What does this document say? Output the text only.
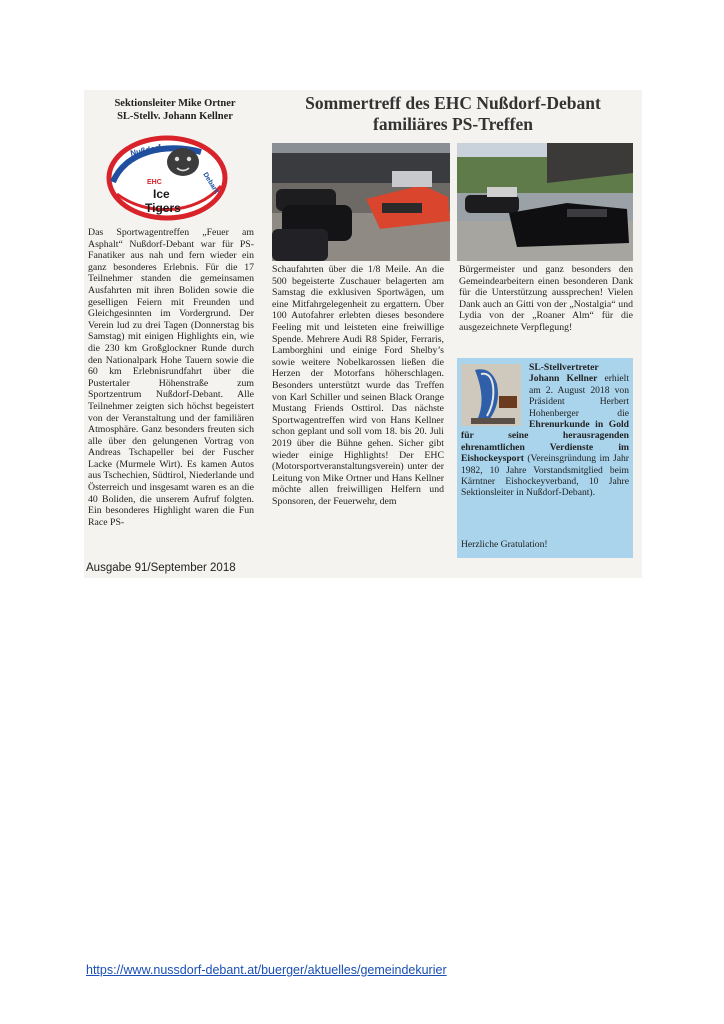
Sektionsleiter Mike Ortner
SL-Stellv. Johann Kellner
Nußdorf
Debant
EHC
Ice
Tigers
Sommertreff des EHC Nußdorf-Debant
familiäres PS-Treffen
Das Sportwagentreffen „Feuer am Asphalt“ Nußdorf-Debant war für PS-Fanatiker aus nah und fern wieder ein ganz besonderes Erlebnis. Für die 17 Teilnehmer standen die gemeinsamen Ausfahrten mit ihren Boliden sowie die geselligen Feiern mit Freunden und Gleichgesinnten im Vordergrund. Der Verein lud zu drei Tagen (Donnerstag bis Samstag) mit einigen Highlights ein, wie die 230 km Großglockner Runde durch den Nationalpark Hohe Tauern sowie die 60 km Erlebnisrundfahrt über die Pustertaler Höhenstraße zum Sportzentrum Nußdorf-Debant. Alle Teilnehmer zeigten sich höchst begeistert von der Veranstaltung und der familiären Atmosphäre. Ganz besonders freuten sich alle über den gelungenen Vortrag von Andreas Tschapeller bei der Fuscher Lacke (Murmele Wirt). Es kamen Autos aus Tschechien, Südtirol, Niederlande und Österreich und insgesamt waren es an die 40 Boliden, die unserem Aufruf folgten. Ein besonderes Highlight waren die Fun Race PS-
Schaufahrten über die 1/8 Meile. An die 500 begeisterte Zuschauer belagerten am Samstag die exklusiven Sportwägen, um eine Mitfahrgelegenheit zu ergattern. Über 100 Autofahrer erlebten dieses besondere Feeling mit und leisteten eine freiwillige Spende. Mehrere Audi R8 Spider, Ferraris, Lamborghini und einige Ford Shelby’s sowie weitere Nobelkarossen ließen die Herzen der Motorfans höherschlagen. Besonders unterstützt wurde das Treffen von Karl Schiller und seinen Black Orange Mustang Friends Osttirol. Das nächste Sportwagentreffen wird von Hans Kellner schon geplant und soll vom 18. bis 20. Juli 2019 über die Bühne gehen. Sicher gibt wieder einige Highlights! Der EHC (Motorsportveranstaltungsverein) unter der Leitung von Mike Ortner und Hans Kellner möchte allen freiwilligen Helfern und Sponsoren, der Feuerwehr, dem
Bürgermeister und ganz besonders den Gemeindearbeitern einen besonderen Dank für die Unterstützung aussprechen! Vielen Dank auch an Gitti von der „Nostalgia“ und Lydia von der „Roaner Alm“ für die ausgezeichnete Verpflegung!
SL-Stellvertreter
Johann Kellner erhielt am 2. August 2018 von Präsident Herbert Hohenberger die Ehrenurkunde in Gold für seine herausragenden ehrenamtlichen Verdienste im Eishockeysport (Vereinsgründung im Jahr 1982, 10 Jahre Vorstandsmitglied beim Kärntner Eishockeyverband, 10 Jahre Sektionsleiter in Nußdorf-Debant).
Herzliche Gratulation!
Ausgabe 91/September 2018
https://www.nussdorf-debant.at/buerger/aktuelles/gemeindekurier
